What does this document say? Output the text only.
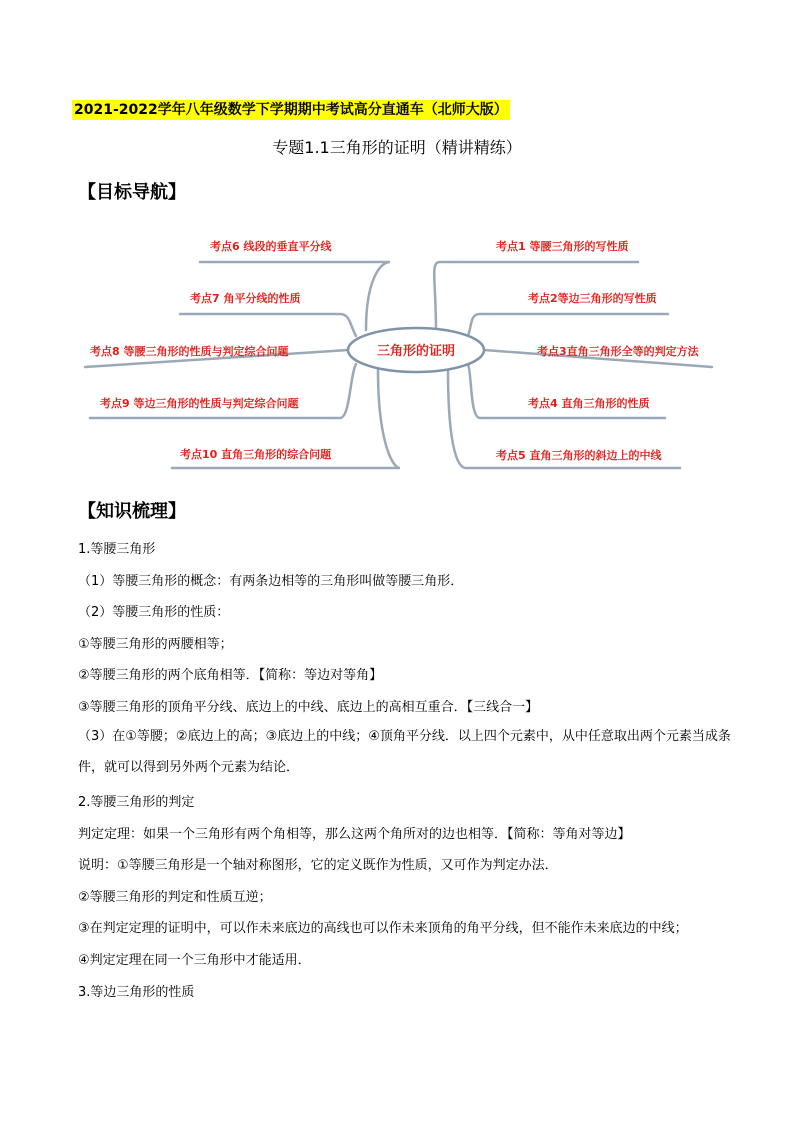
2021-2022学年八年级数学下学期期中考试高分直通车（北师大版）
专题1.1三角形的证明（精讲精练）
【目标导航】
三角形的证明
考点6 线段的垂直平分线
考点7 角平分线的性质
考点8 等腰三角形的性质与判定综合问题
考点9 等边三角形的性质与判定综合问题
考点10 直角三角形的综合问题
考点1 等腰三角形的写性质
考点2等边三角形的写性质
考点3直角三角形全等的判定方法
考点4 直角三角形的性质
考点5 直角三角形的斜边上的中线
【知识梳理】
1.等腰三角形
（1）等腰三角形的概念：有两条边相等的三角形叫做等腰三角形．
（2）等腰三角形的性质：
①等腰三角形的两腰相等；
②等腰三角形的两个底角相等．【简称：等边对等角】
③等腰三角形的顶角平分线、底边上的中线、底边上的高相互重合．【三线合一】
（3）在①等腰；②底边上的高；③底边上的中线；④顶角平分线．以上四个元素中，从中任意取出两个元素当成条件，就可以得到另外两个元素为结论．
2.等腰三角形的判定
判定定理：如果一个三角形有两个角相等，那么这两个角所对的边也相等．【简称：等角对等边】
说明：①等腰三角形是一个轴对称图形，它的定义既作为性质，又可作为判定办法．
②等腰三角形的判定和性质互逆；
③在判定定理的证明中，可以作未来底边的高线也可以作未来顶角的角平分线，但不能作未来底边的中线；
④判定定理在同一个三角形中才能适用．
3.等边三角形的性质
